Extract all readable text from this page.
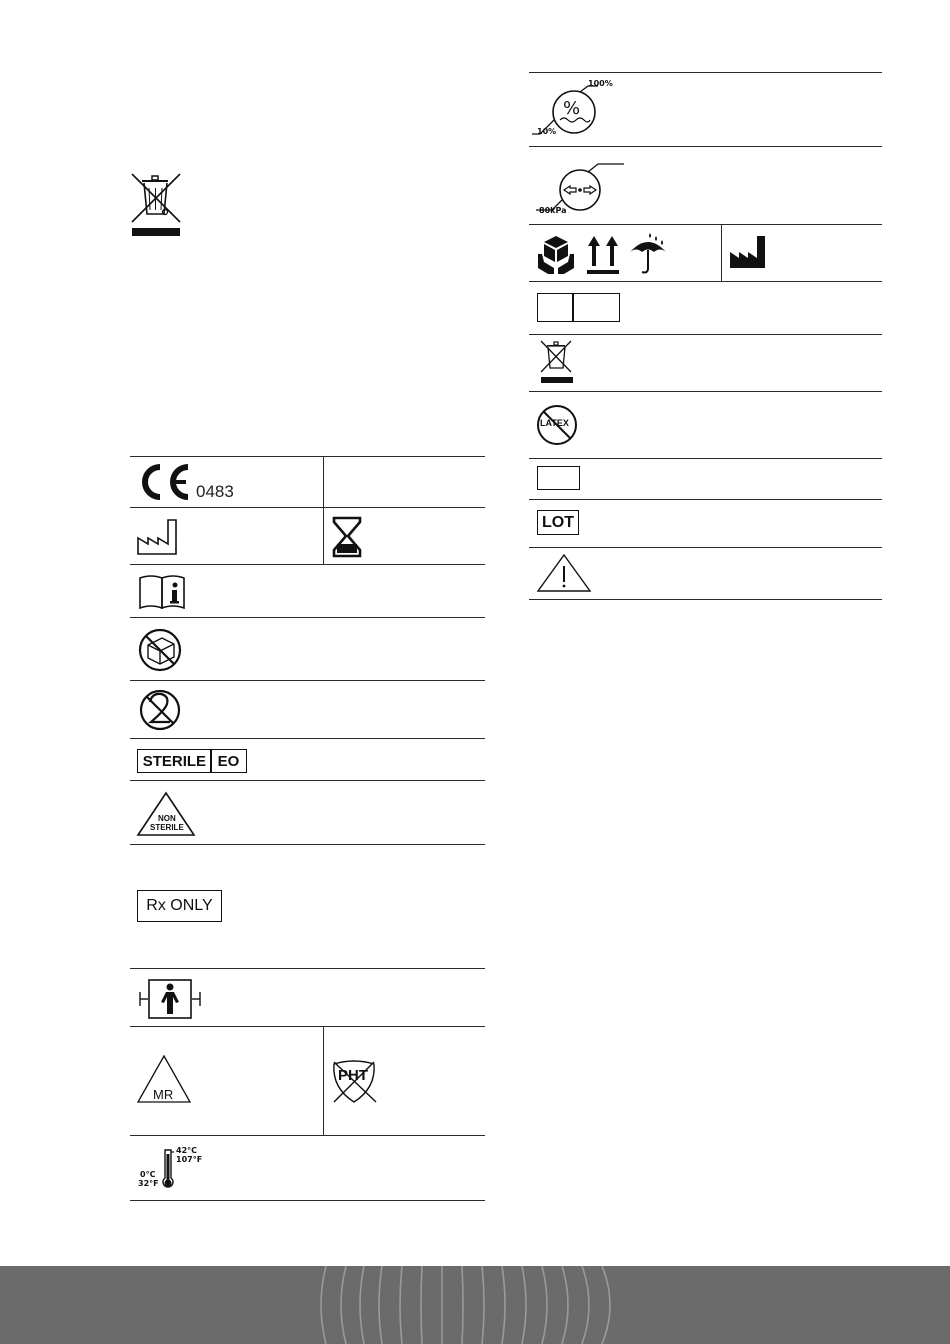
0483
STERILE EO
NON
STERILE
Rx ONLY
MR
PHT
42°C
107°F
0°C
32°F
%
100%
10%
80kPa
LATEX
LOT
